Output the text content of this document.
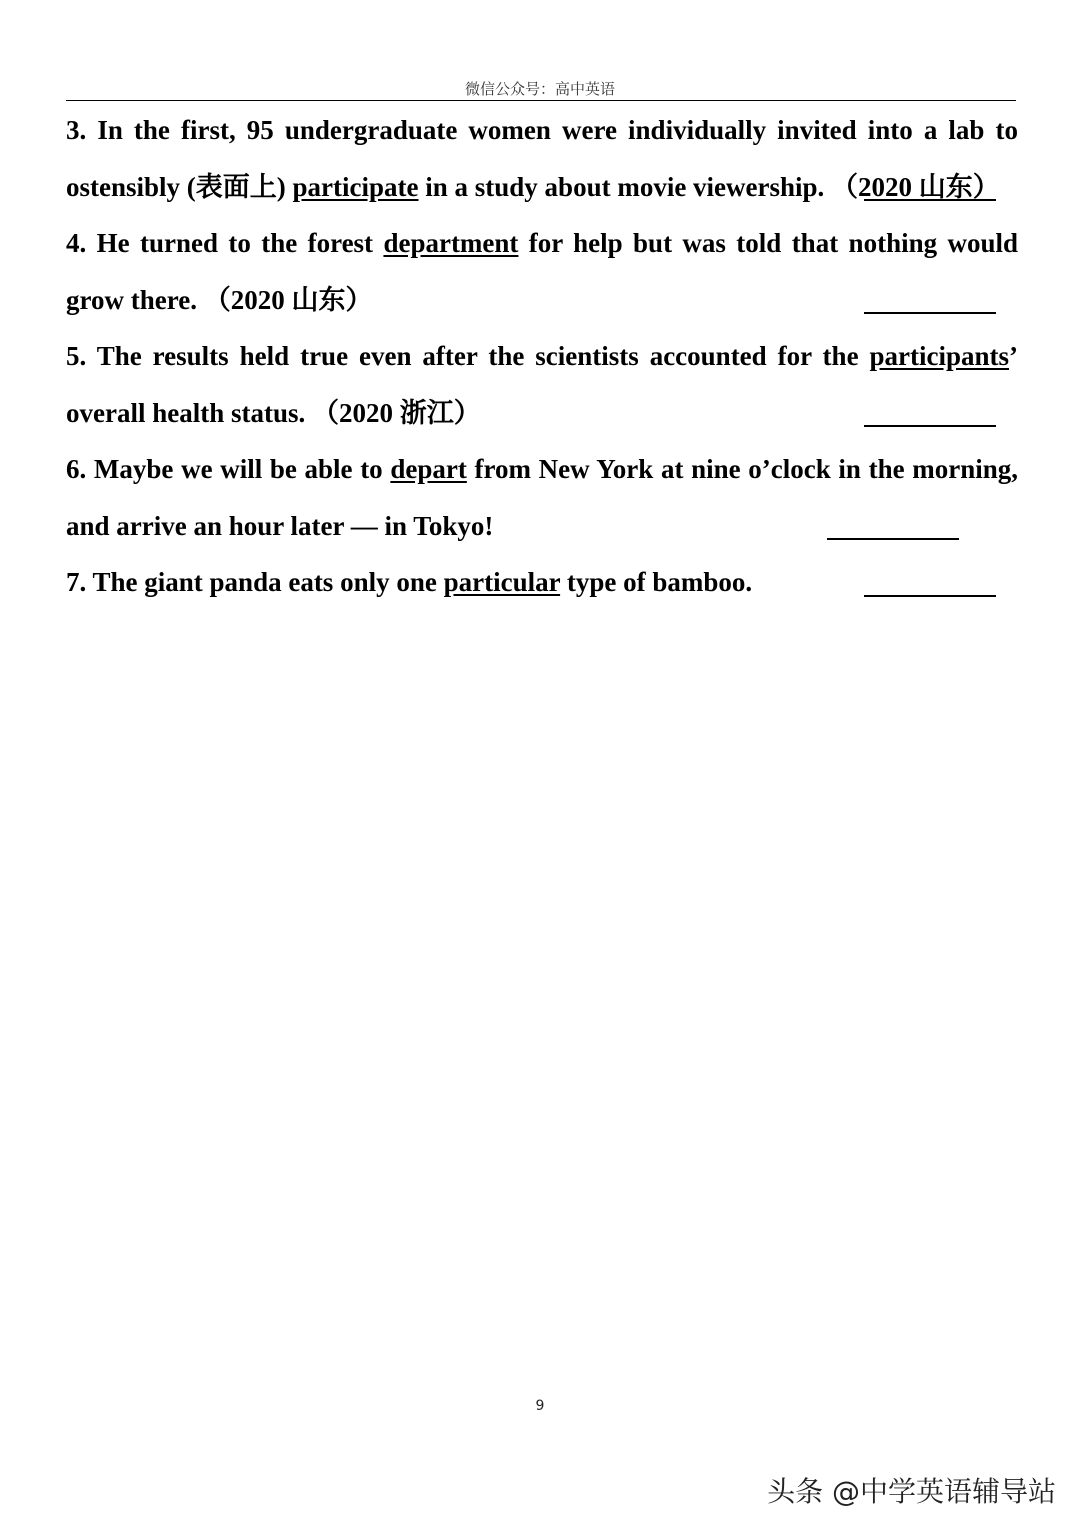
微信公众号：高中英语
3. In the first, 95 undergraduate women were individually invited into a lab to ostensibly (表面上) participate in a study about movie viewership. （2020 山东）
4. He turned to the forest department for help but was told that nothing would grow there. （2020 山东）
5. The results held true even after the scientists accounted for the participants’ overall health status. （2020 浙江）
6. Maybe we will be able to depart from New York at nine o’clock in the morning, and arrive an hour later — in Tokyo!
7. The giant panda eats only one particular type of bamboo.
9
头条 @中学英语辅导站
